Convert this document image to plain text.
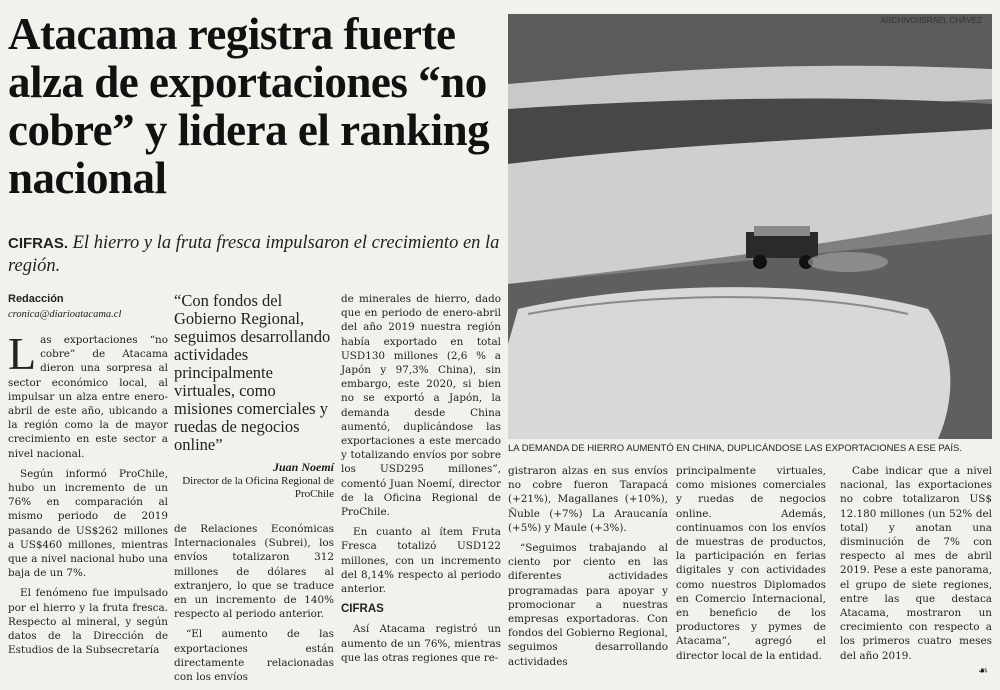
Atacama registra fuerte alza de exportaciones “no cobre” y lidera el ranking nacional
CIFRAS. El hierro y la fruta fresca impulsaron el crecimiento en la región.
Redacción
cronica@diarioatacama.cl

Las exportaciones “no cobre” de Atacama dieron una sorpresa al sector económico local, al impulsar un alza entre enero-abril de este año, ubicando a la región como la de mayor crecimiento en este sector a nivel nacional.

Según informó ProChile, hubo un incremento de un 76% en comparación al mismo periodo de 2019 pasando de US$262 millones a US$460 millones, mientras que a nivel nacional hubo una baja de un 7%.

El fenómeno fue impulsado por el hierro y la fruta fresca. Respecto al mineral, y según datos de la Dirección de Estudios de la Subsecretaría

“Con fondos del Gobierno Regional, seguimos desarrollando actividades principalmente virtuales, como misiones comerciales y ruedas de negocios online”
Juan Noemí
Director de la Oficina Regional de ProChile

de Relaciones Económicas Internacionales (Subrei), los envíos totalizaron 312 millones de dólares al extranjero, lo que se traduce en un incremento de 140% respecto al periodo anterior.

“El aumento de las exportaciones están directamente relacionadas con los envíos

de minerales de hierro, dado que en periodo de enero-abril del año 2019 nuestra región había exportado en total USD130 millones (2,6 % a Japón y 97,3% China), sin embargo, este 2020, si bien no se exportó a Japón, la demanda desde China aumentó, duplicándose las exportaciones a este mercado y totalizando envíos por sobre los USD295 millones”, comentó Juan Noemí, director de la Oficina Regional de ProChile.

En cuanto al ítem Fruta Fresca totalizó USD122 millones, con un incremento del 8,14% respecto al periodo anterior.

CIFRAS

Así Atacama registró un aumento de un 76%, mientras que las otras regiones que re-

ARCHIVO/ISRAEL CHÁVEZ
LA DEMANDA DE HIERRO AUMENTÓ EN CHINA, DUPLICÁNDOSE LAS EXPORTACIONES A ESE PAÍS.

gistraron alzas en sus envíos no cobre fueron Tarapacá (+21%), Magallanes (+10%), Ñuble (+7%) La Araucanía (+5%) y Maule (+3%).

“Seguimos trabajando al ciento por ciento en las diferentes actividades programadas para apoyar y promocionar a nuestras empresas exportadoras. Con fondos del Gobierno Regional, seguimos desarrollando actividades

principalmente virtuales, como misiones comerciales y ruedas de negocios online. Además, continuamos con los envíos de muestras de productos, la participación en ferias digitales y con actividades como nuestros Diplomados en Comercio Internacional, en beneficio de los productores y pymes de Atacama”, agregó el director local de la entidad.

Cabe indicar que a nivel nacional, las exportaciones no cobre totalizaron US$ 12.180 millones (un 52% del total) y anotan una disminución de 7% con respecto al mes de abril 2019. Pese a este panorama, el grupo de siete regiones, entre las que destaca Atacama, mostraron un crecimiento con respecto a los primeros cuatro meses del año 2019.

☙
